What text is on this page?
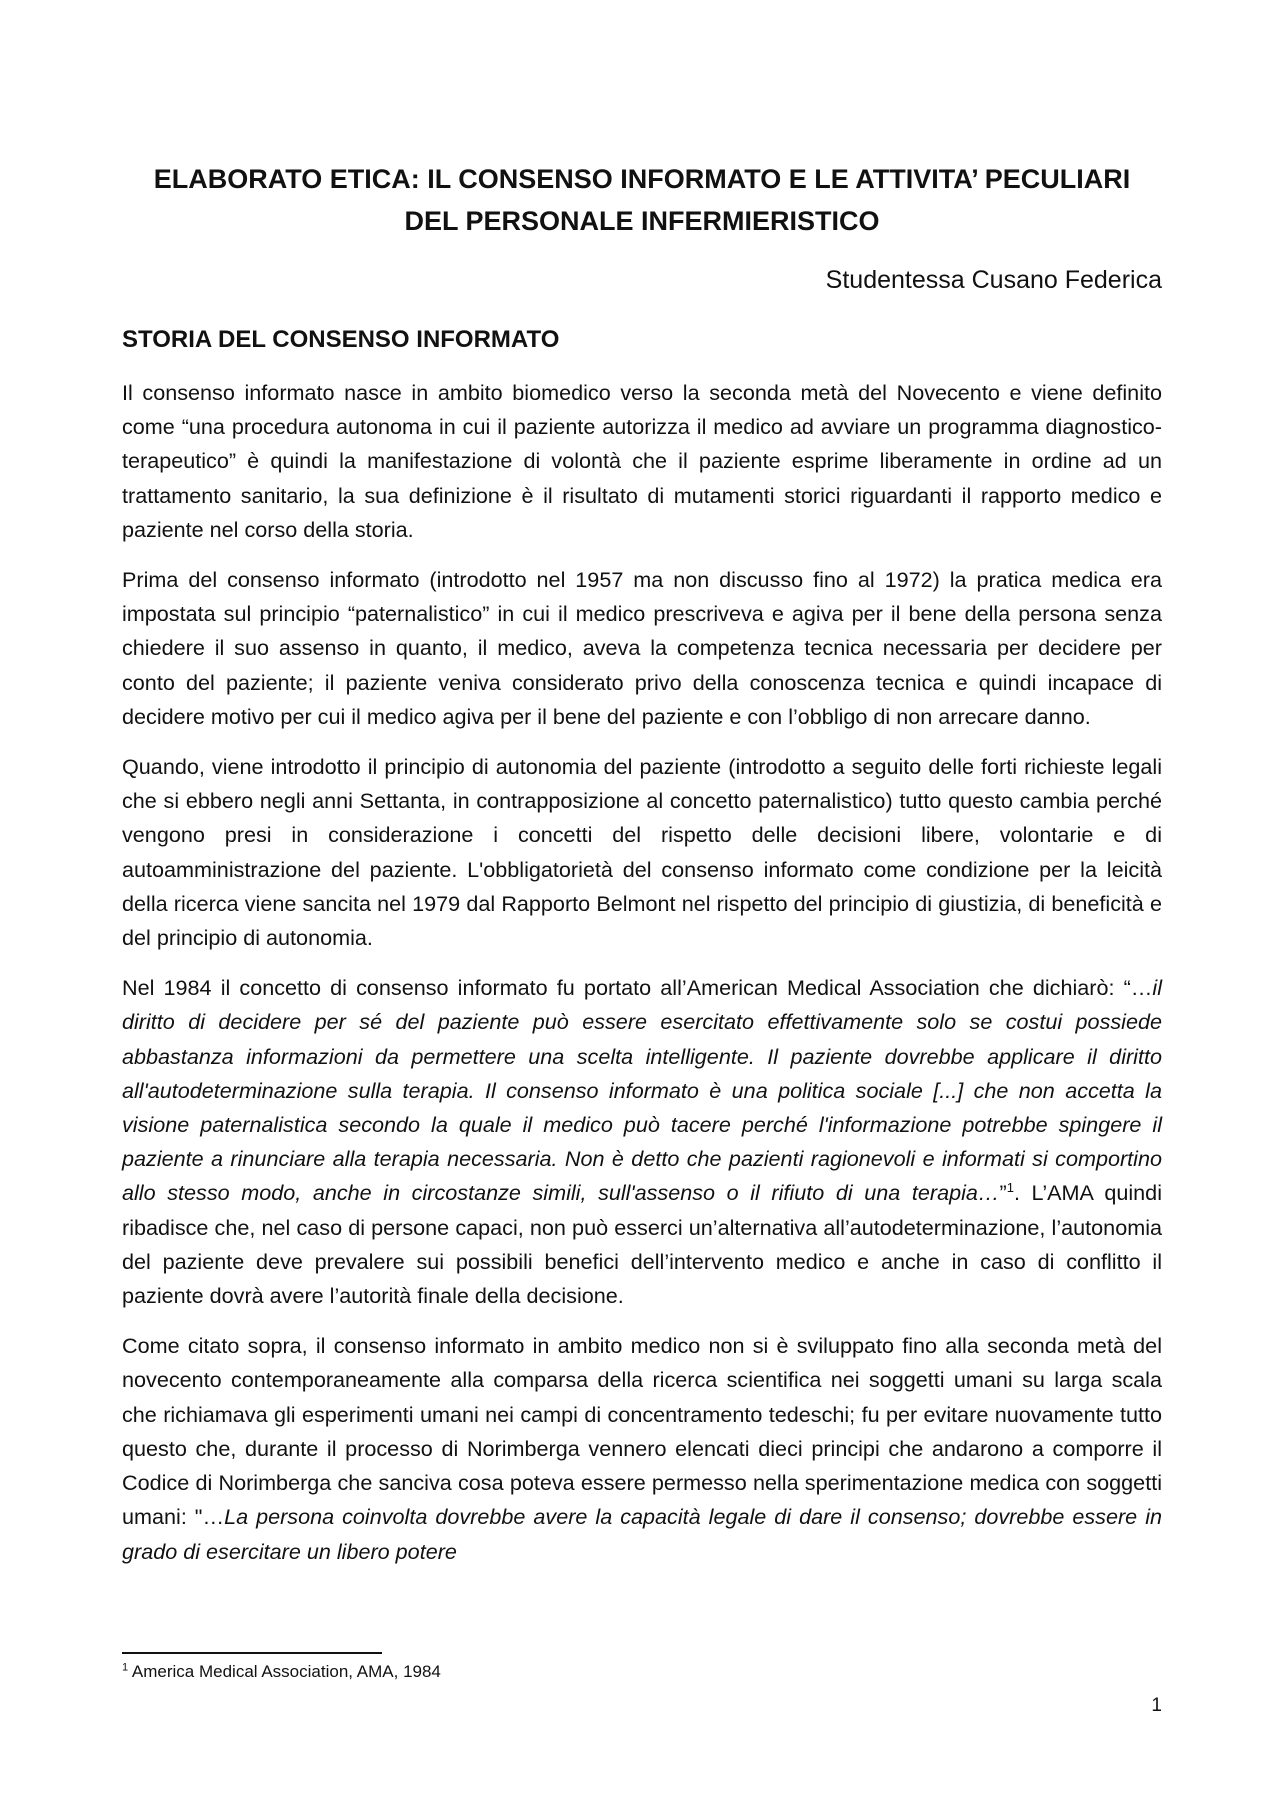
ELABORATO ETICA: IL CONSENSO INFORMATO E LE ATTIVITA’ PECULIARI
DEL PERSONALE INFERMIERISTICO

Studentessa Cusano Federica

STORIA DEL CONSENSO INFORMATO

Il consenso informato nasce in ambito biomedico verso la seconda metà del Novecento e viene definito come “una procedura autonoma in cui il paziente autorizza il medico ad avviare un programma diagnostico-terapeutico” è quindi la manifestazione di volontà che il paziente esprime liberamente in ordine ad un trattamento sanitario, la sua definizione è il risultato di mutamenti storici riguardanti il rapporto medico e paziente nel corso della storia.

Prima del consenso informato (introdotto nel 1957 ma non discusso fino al 1972) la pratica medica era impostata sul principio “paternalistico” in cui il medico prescriveva e agiva per il bene della persona senza chiedere il suo assenso in quanto, il medico, aveva la competenza tecnica necessaria per decidere per conto del paziente; il paziente veniva considerato privo della conoscenza tecnica e quindi incapace di decidere motivo per cui il medico agiva per il bene del paziente e con l’obbligo di non arrecare danno.

Quando, viene introdotto il principio di autonomia del paziente (introdotto a seguito delle forti richieste legali che si ebbero negli anni Settanta, in contrapposizione al concetto paternalistico) tutto questo cambia perché vengono presi in considerazione i concetti del rispetto delle decisioni libere, volontarie e di autoamministrazione del paziente. L'obbligatorietà del consenso informato come condizione per la leicità della ricerca viene sancita nel 1979 dal Rapporto Belmont nel rispetto del principio di giustizia, di beneficità e del principio di autonomia.

Nel 1984 il concetto di consenso informato fu portato all’American Medical Association che dichiarò: “…il diritto di decidere per sé del paziente può essere esercitato effettivamente solo se costui possiede abbastanza informazioni da permettere una scelta intelligente. Il paziente dovrebbe applicare il diritto all'autodeterminazione sulla terapia. Il consenso informato è una politica sociale [...] che non accetta la visione paternalistica secondo la quale il medico può tacere perché l'informazione potrebbe spingere il paziente a rinunciare alla terapia necessaria. Non è detto che pazienti ragionevoli e informati si comportino allo stesso modo, anche in circostanze simili, sull'assenso o il rifiuto di una terapia…”$^1$. L’AMA quindi ribadisce che, nel caso di persone capaci, non può esserci un’alternativa all’autodeterminazione, l’autonomia del paziente deve prevalere sui possibili benefici dell’intervento medico e anche in caso di conflitto il paziente dovrà avere l’autorità finale della decisione.

Come citato sopra, il consenso informato in ambito medico non si è sviluppato fino alla seconda metà del novecento contemporaneamente alla comparsa della ricerca scientifica nei soggetti umani su larga scala che richiamava gli esperimenti umani nei campi di concentramento tedeschi; fu per evitare nuovamente tutto questo che, durante il processo di Norimberga vennero elencati dieci principi che andarono a comporre il Codice di Norimberga che sanciva cosa poteva essere permesso nella sperimentazione medica con soggetti umani: "…La persona coinvolta dovrebbe avere la capacità legale di dare il consenso; dovrebbe essere in grado di esercitare un libero potere

$^1$ America Medical Association, AMA, 1984

1
